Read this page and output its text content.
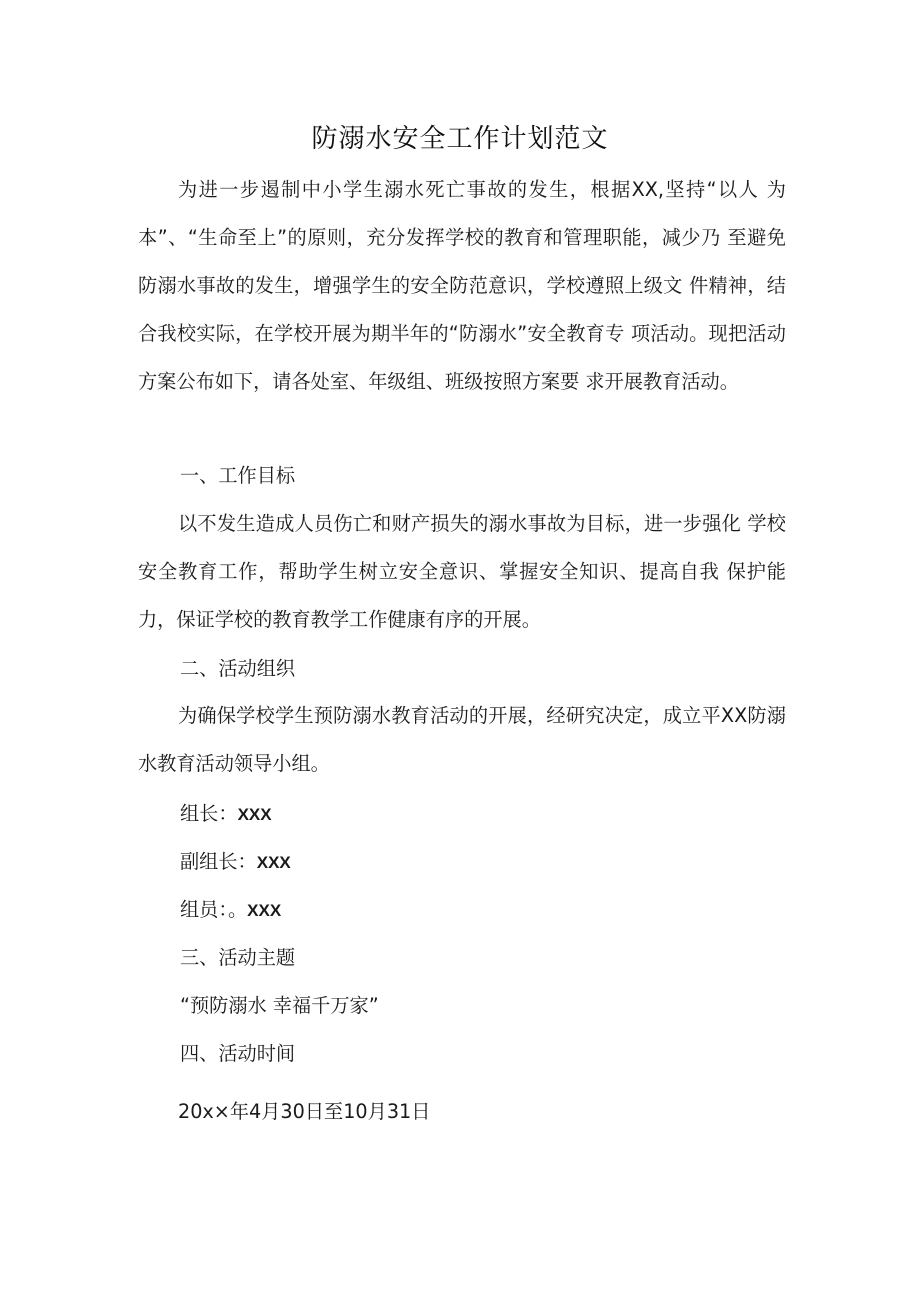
防溺水安全工作计划范文
为进一步遏制中小学生溺水死亡事故的发生，根据XX,坚持“以人 为本”、“生命至上”的原则，充分发挥学校的教育和管理职能，减少乃 至避免防溺水事故的发生，增强学生的安全防范意识，学校遵照上级文 件精神，结合我校实际，在学校开展为期半年的“防溺水”安全教育专 项活动。现把活动方案公布如下，请各处室、年级组、班级按照方案要 求开展教育活动。
一、工作目标
以不发生造成人员伤亡和财产损失的溺水事故为目标，进一步强化 学校安全教育工作，帮助学生树立安全意识、掌握安全知识、提高自我 保护能力，保证学校的教育教学工作健康有序的开展。
二、活动组织
为确保学校学生预防溺水教育活动的开展，经研究决定，成立平XX防溺水教育活动领导小组。
组长：XXX
副组长：XXX
组员：。XXX
三、活动主题
“预防溺水 幸福千万家”
四、活动时间
20x×年4月30日至10月31日
